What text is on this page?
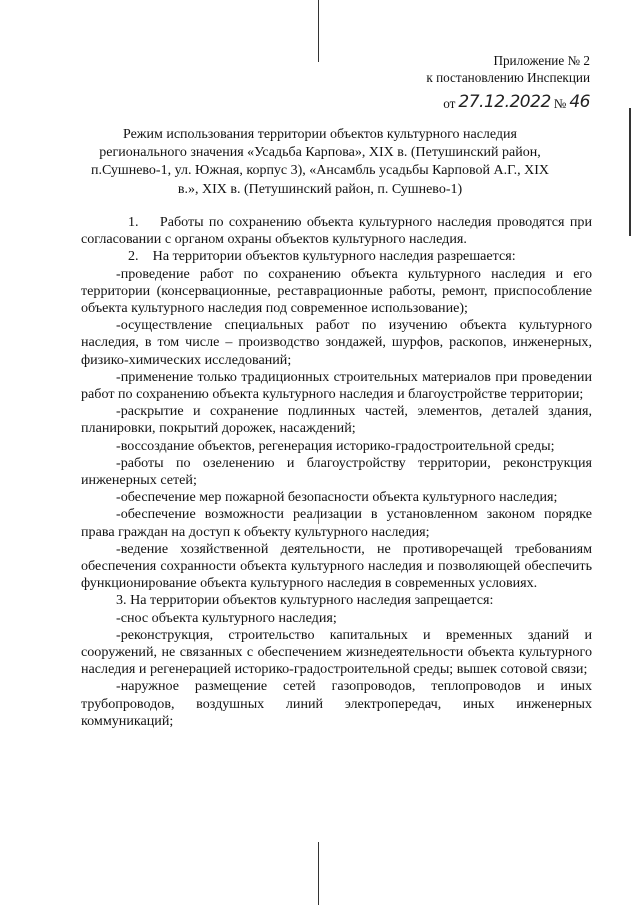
Приложение № 2
к постановлению Инспекции
от 27.12.2022 № 46
Режим использования территории объектов культурного наследия регионального значения «Усадьба Карпова», XIX в. (Петушинский район, п.Сушнево-1, ул. Южная, корпус 3), «Ансамбль усадьбы Карповой А.Г., XIX в.», XIX в. (Петушинский район, п. Сушнево-1)

1.    Работы по сохранению объекта культурного наследия проводятся при согласовании с органом охраны объектов культурного наследия.

2.    На территории объектов культурного наследия разрешается:

-проведение работ по сохранению объекта культурного наследия и его территории (консервационные, реставрационные работы, ремонт, приспособление объекта культурного наследия под современное использование);

-осуществление специальных работ по изучению объекта культурного наследия, в том числе – производство зондажей, шурфов, раскопов, инженерных, физико-химических исследований;

-применение только традиционных строительных материалов при проведении работ по сохранению объекта культурного наследия и благоустройстве территории;

-раскрытие и сохранение подлинных частей, элементов, деталей здания, планировки, покрытий дорожек, насаждений;

-воссоздание объектов, регенерация историко-градостроительной среды;

-работы по озеленению и благоустройству территории, реконструкция инженерных сетей;

-обеспечение мер пожарной безопасности объекта культурного наследия;

-обеспечение возможности реализации в установленном законом порядке права граждан на доступ к объекту культурного наследия;

-ведение хозяйственной деятельности, не противоречащей требованиям обеспечения сохранности объекта культурного наследия и позволяющей обеспечить функционирование объекта культурного наследия в современных условиях.

3. На территории объектов культурного наследия запрещается:

-снос объекта культурного наследия;

-реконструкция, строительство капитальных и временных зданий и сооружений, не связанных с обеспечением жизнедеятельности объекта культурного наследия и регенерацией историко-градостроительной среды; вышек сотовой связи;

-наружное размещение сетей газопроводов, теплопроводов и иных трубопроводов, воздушных линий электропередач, иных инженерных коммуникаций;
